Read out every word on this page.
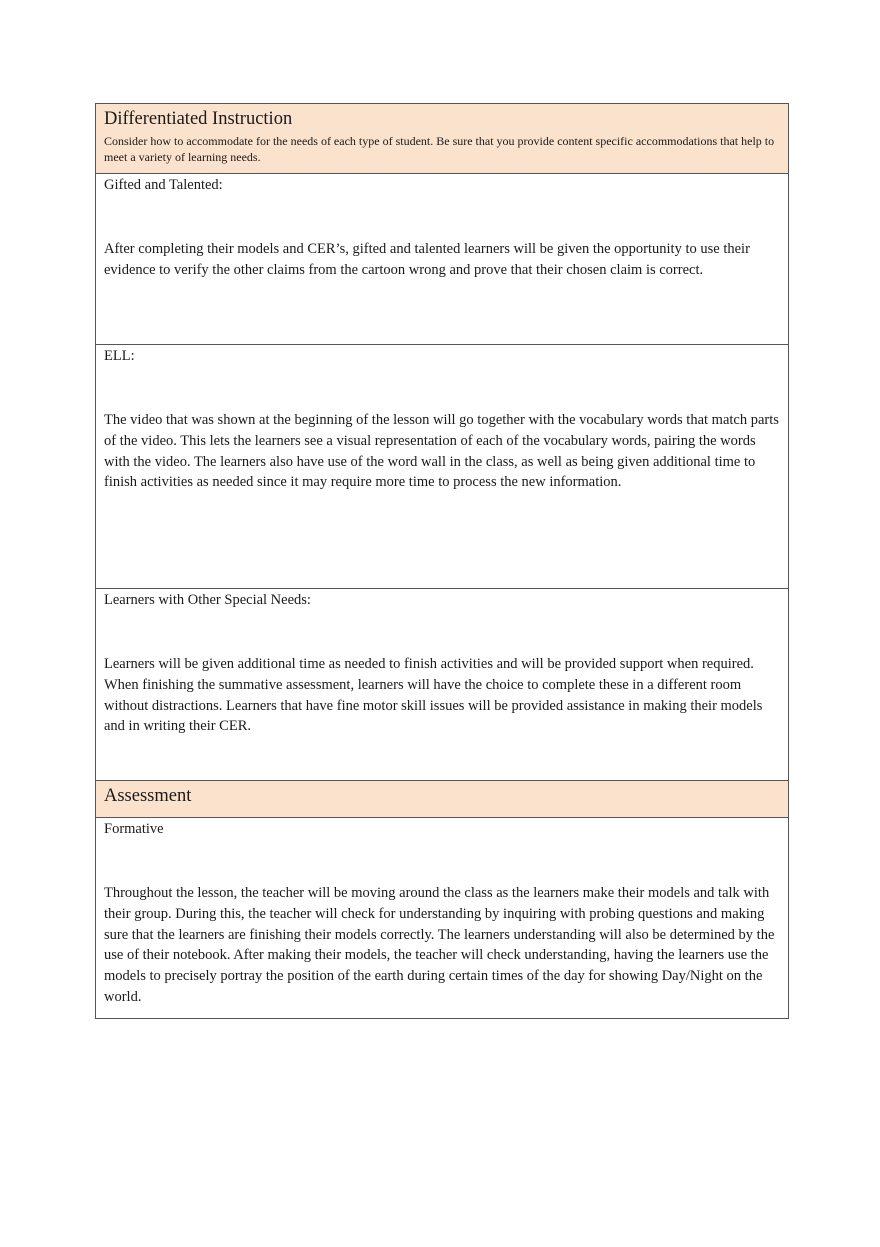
Differentiated Instruction
Consider how to accommodate for the needs of each type of student. Be sure that you provide content specific accommodations that help to meet a variety of learning needs.
Gifted and Talented:
After completing their models and CER’s, gifted and talented learners will be given the opportunity to use their evidence to verify the other claims from the cartoon wrong and prove that their chosen claim is correct.
ELL:
The video that was shown at the beginning of the lesson will go together with the vocabulary words that match parts of the video. This lets the learners see a visual representation of each of the vocabulary words, pairing the words with the video. The learners also have use of the word wall in the class, as well as being given additional time to finish activities as needed since it may require more time to process the new information.
Learners with Other Special Needs:
Learners will be given additional time as needed to finish activities and will be provided support when required. When finishing the summative assessment, learners will have the choice to complete these in a different room without distractions. Learners that have fine motor skill issues will be provided assistance in making their models and in writing their CER.
Assessment
Formative
Throughout the lesson, the teacher will be moving around the class as the learners make their models and talk with their group. During this, the teacher will check for understanding by inquiring with probing questions and making sure that the learners are finishing their models correctly. The learners understanding will also be determined by the use of their notebook. After making their models, the teacher will check understanding, having the learners use the models to precisely portray the position of the earth during certain times of the day for showing Day/Night on the world.
